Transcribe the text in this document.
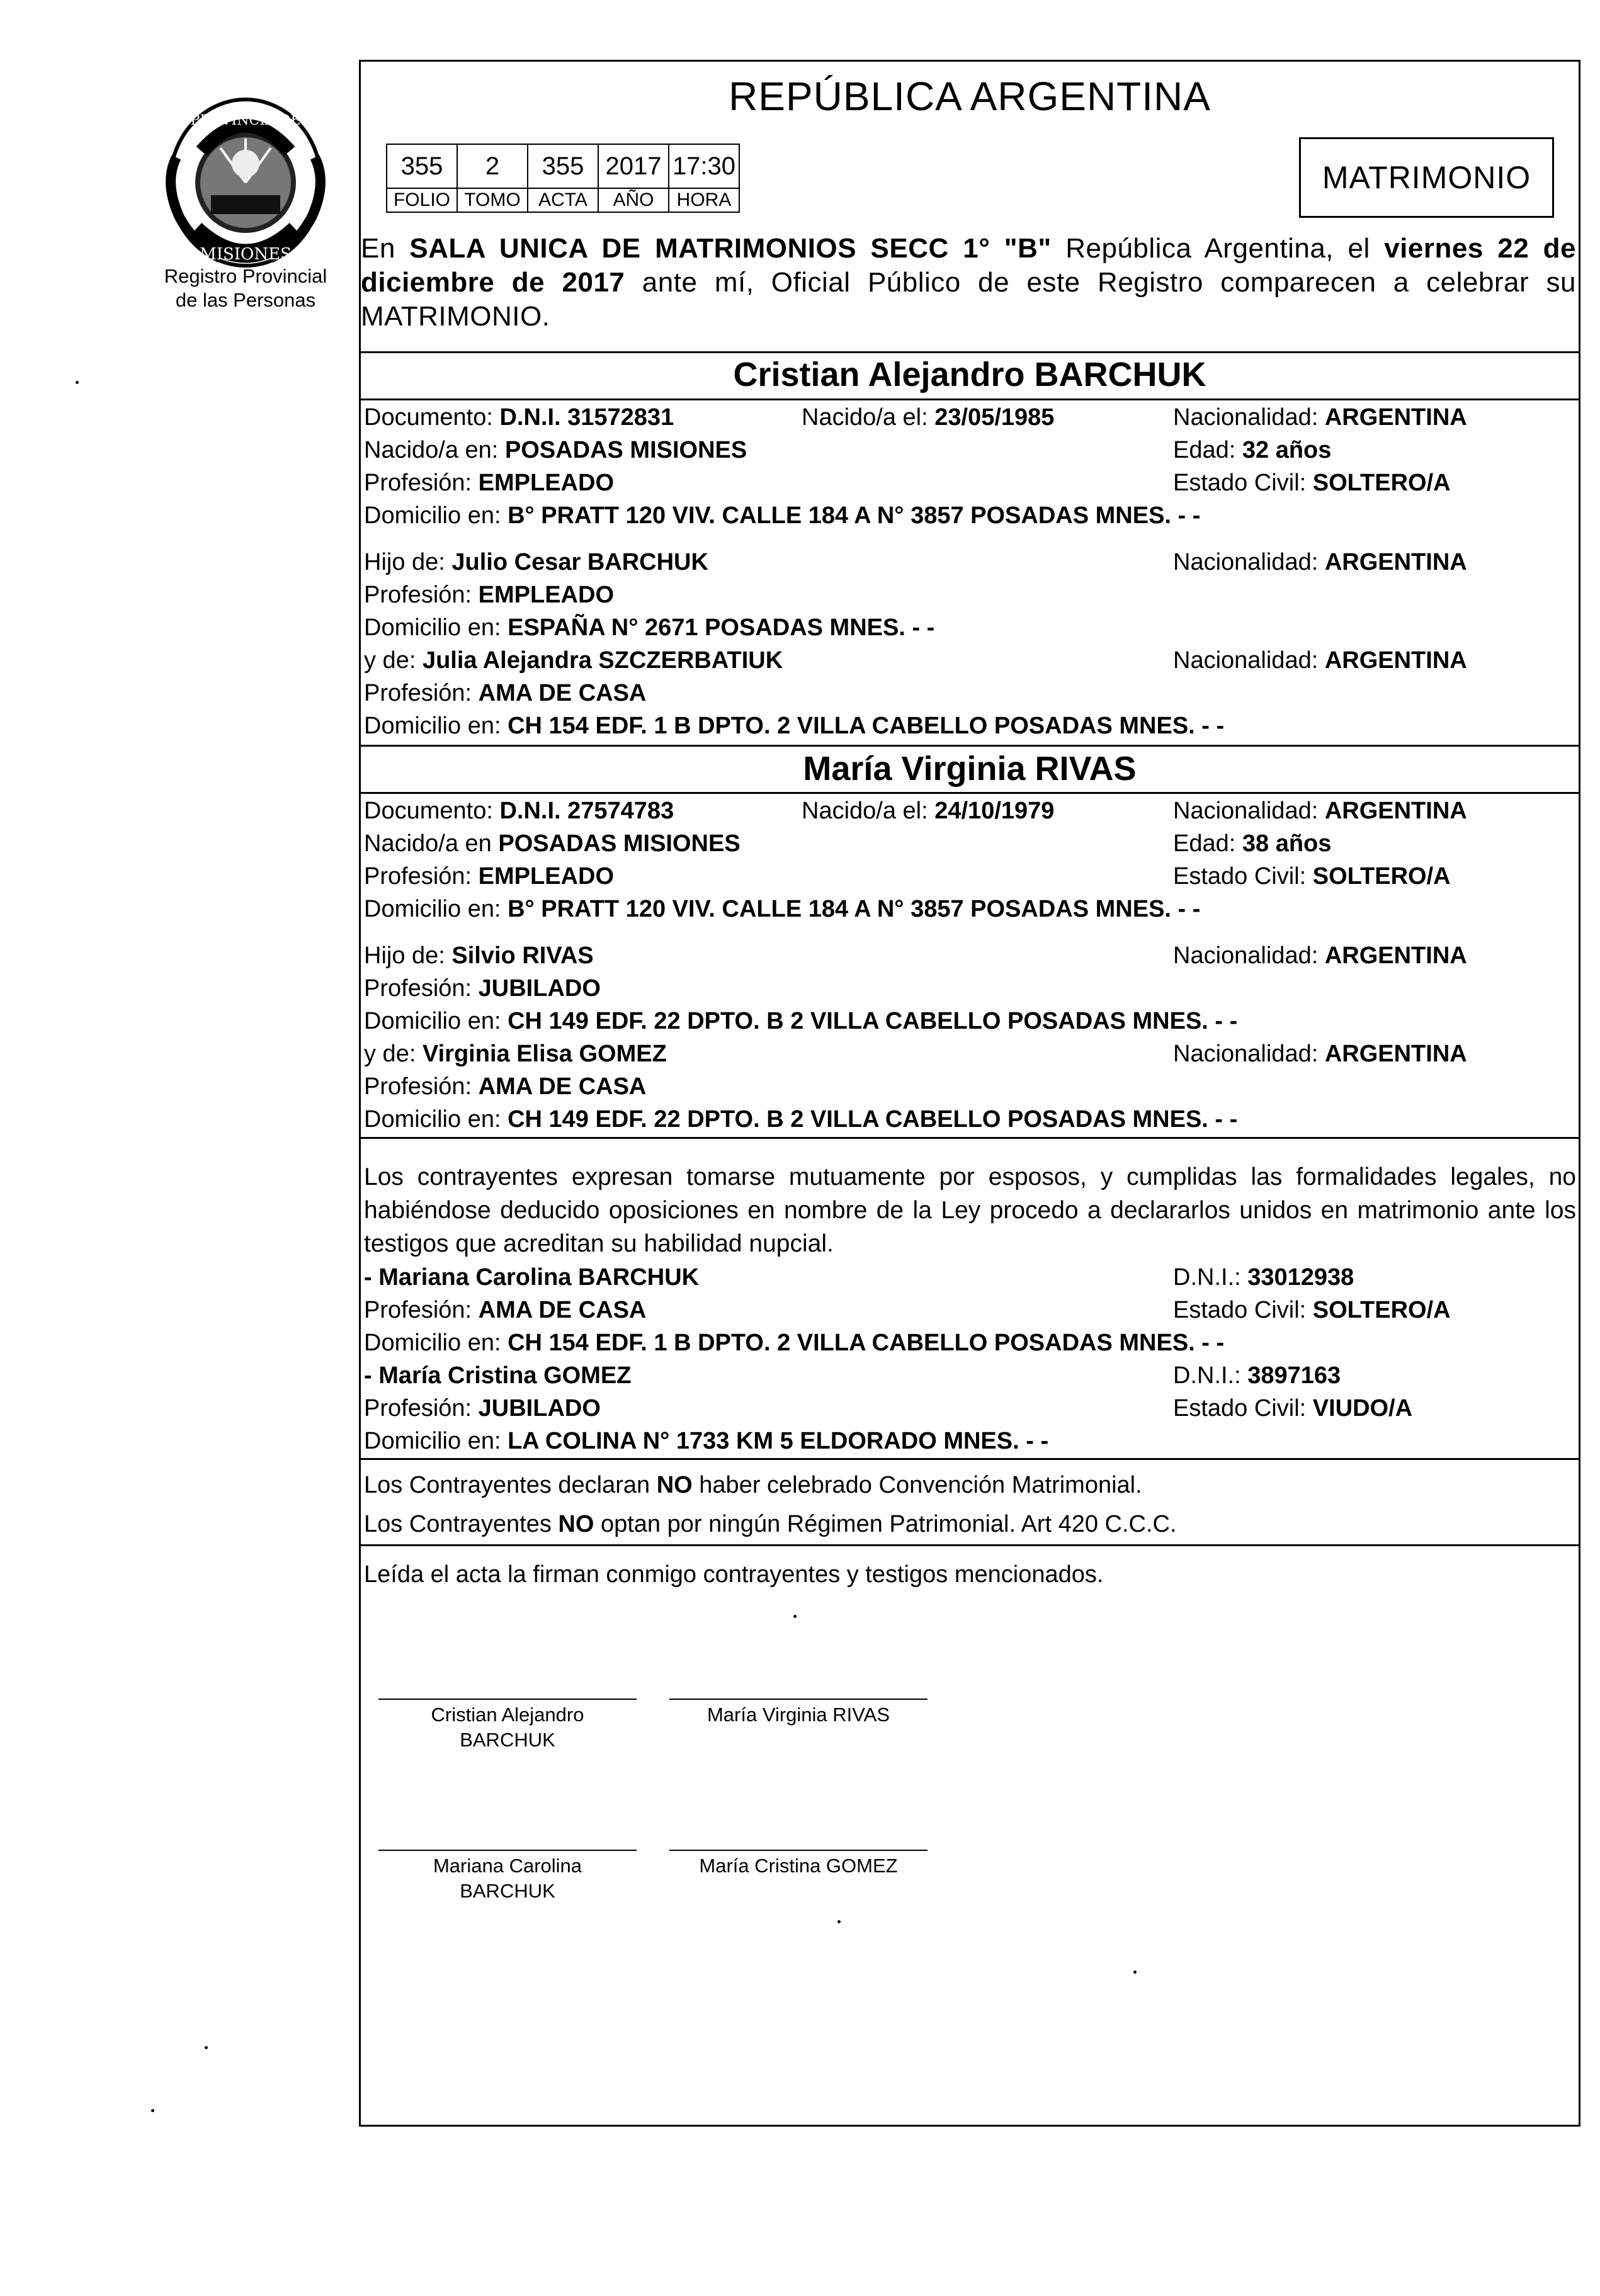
PROVINCIA DE
MISIONES
Registro Provincial
de las Personas
REPÚBLICA ARGENTINA
355	2	355	2017	17:30
FOLIO	TOMO	ACTA	AÑO	HORA
MATRIMONIO
En SALA UNICA DE MATRIMONIOS SECC 1° "B" República Argentina, el viernes 22 de diciembre de 2017 ante mí, Oficial Público de este Registro comparecen a celebrar su MATRIMONIO.
Cristian Alejandro BARCHUK
Documento: D.N.I. 31572831	Nacido/a el: 23/05/1985	Nacionalidad: ARGENTINA
Nacido/a en: POSADAS MISIONES	Edad: 32 años
Profesión: EMPLEADO	Estado Civil: SOLTERO/A
Domicilio en: B° PRATT 120 VIV. CALLE 184 A N° 3857 POSADAS MNES. - -
Hijo de: Julio Cesar BARCHUK	Nacionalidad: ARGENTINA
Profesión: EMPLEADO
Domicilio en: ESPAÑA N° 2671 POSADAS MNES. - -
y de: Julia Alejandra SZCZERBATIUK	Nacionalidad: ARGENTINA
Profesión: AMA DE CASA
Domicilio en: CH 154 EDF. 1 B DPTO. 2 VILLA CABELLO POSADAS MNES. - -
María Virginia RIVAS
Documento: D.N.I. 27574783	Nacido/a el: 24/10/1979	Nacionalidad: ARGENTINA
Nacido/a en POSADAS MISIONES	Edad: 38 años
Profesión: EMPLEADO	Estado Civil: SOLTERO/A
Domicilio en: B° PRATT 120 VIV. CALLE 184 A N° 3857 POSADAS MNES. - -
Hijo de: Silvio RIVAS	Nacionalidad: ARGENTINA
Profesión: JUBILADO
Domicilio en: CH 149 EDF. 22 DPTO. B 2 VILLA CABELLO POSADAS MNES. - -
y de: Virginia Elisa GOMEZ	Nacionalidad: ARGENTINA
Profesión: AMA DE CASA
Domicilio en: CH 149 EDF. 22 DPTO. B 2 VILLA CABELLO POSADAS MNES. - -
Los contrayentes expresan tomarse mutuamente por esposos, y cumplidas las formalidades legales, no habiéndose deducido oposiciones en nombre de la Ley procedo a declararlos unidos en matrimonio ante los testigos que acreditan su habilidad nupcial.
- Mariana Carolina BARCHUK	D.N.I.: 33012938
Profesión: AMA DE CASA	Estado Civil: SOLTERO/A
Domicilio en: CH 154 EDF. 1 B DPTO. 2 VILLA CABELLO POSADAS MNES. - -
- María Cristina GOMEZ	D.N.I.: 3897163
Profesión: JUBILADO	Estado Civil: VIUDO/A
Domicilio en: LA COLINA N° 1733 KM 5 ELDORADO MNES. - -
Los Contrayentes declaran NO haber celebrado Convención Matrimonial.
Los Contrayentes NO optan por ningún Régimen Patrimonial. Art 420 C.C.C.
Leída el acta la firman conmigo contrayentes y testigos mencionados.
Cristian Alejandro
BARCHUK
María Virginia RIVAS
Mariana Carolina
BARCHUK
María Cristina GOMEZ
